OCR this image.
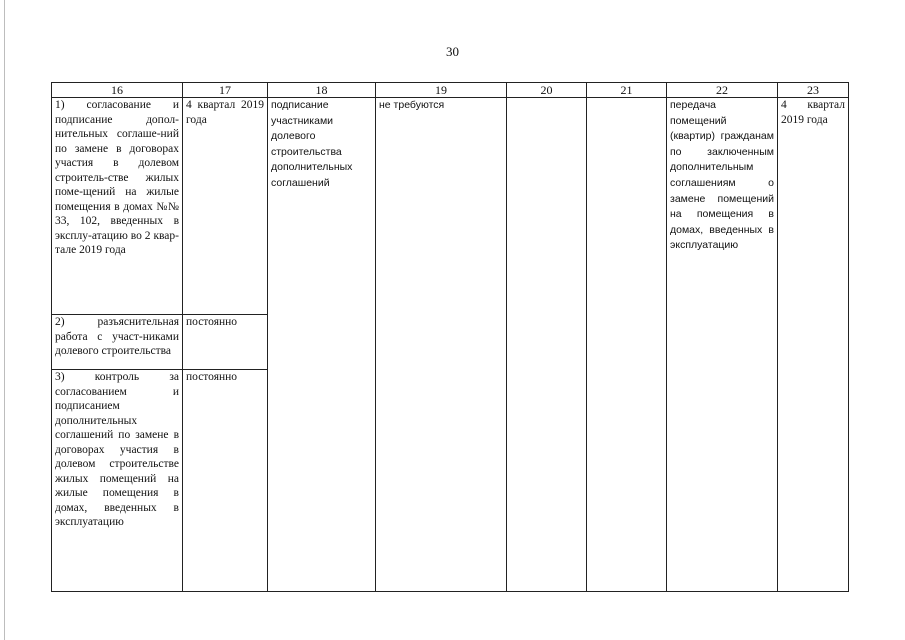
30
16	17	18	19	20	21	22	23
1) согласование и подписание допол-нительных соглаше-ний по замене в договорах участия в долевом строитель-стве жилых поме-щений на жилые помещения в домах №№ 33, 102, введенных в эксплу-атацию во 2 квар-тале 2019 года	4 квартал 2019 года	подписание участниками долевого строительства дополнительных соглашений	не требуются			передача помещений (квартир) гражданам по заключенным дополнительным соглашениям о замене помещений на помещения в домах, введенных в эксплуатацию	4 квартал 2019 года
2) разъяснительная работа с участ-никами долевого строительства	постоянно						
3) контроль за согласованием и подписанием дополнительных соглашений по замене в договорах участия в долевом строительстве жилых помещений на жилые помещения в домах, введенных в эксплуатацию	постоянно						
